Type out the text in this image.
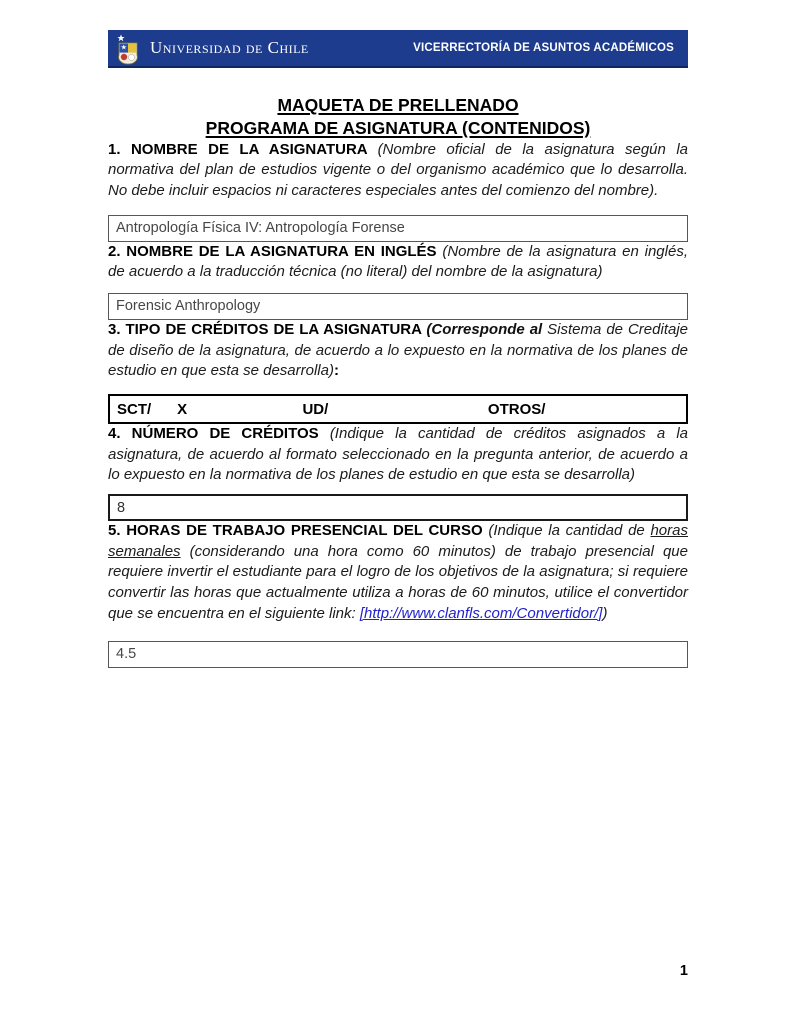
Universidad de Chile	VICERRECTORÍA DE ASUNTOS ACADÉMICOS
MAQUETA DE PRELLENADO
PROGRAMA DE ASIGNATURA (CONTENIDOS)

1. NOMBRE DE LA ASIGNATURA (Nombre oficial de la asignatura según la normativa del plan de estudios vigente o del organismo académico que lo desarrolla. No debe incluir espacios ni caracteres especiales antes del comienzo del nombre).

Antropología Física IV: Antropología Forense

2. NOMBRE DE LA ASIGNATURA EN INGLÉS (Nombre de la asignatura en inglés, de acuerdo a la traducción técnica (no literal) del nombre de la asignatura)

Forensic Anthropology

3. TIPO DE CRÉDITOS DE LA ASIGNATURA (Corresponde al Sistema de Creditaje de diseño de la asignatura, de acuerdo a lo expuesto en la normativa de los planes de estudio en que esta se desarrolla):

SCT/ X	UD/	OTROS/

4. NÚMERO DE CRÉDITOS (Indique la cantidad de créditos asignados a la asignatura, de acuerdo al formato seleccionado en la pregunta anterior, de acuerdo a lo expuesto en la normativa de los planes de estudio en que esta se desarrolla)

8

5. HORAS DE TRABAJO PRESENCIAL DEL CURSO (Indique la cantidad de horas semanales (considerando una hora como 60 minutos) de trabajo presencial que requiere invertir el estudiante para el logro de los objetivos de la asignatura; si requiere convertir las horas que actualmente utiliza a horas de 60 minutos, utilice el convertidor que se encuentra en el siguiente link: [http://www.clanfls.com/Convertidor/])

4.5
1
